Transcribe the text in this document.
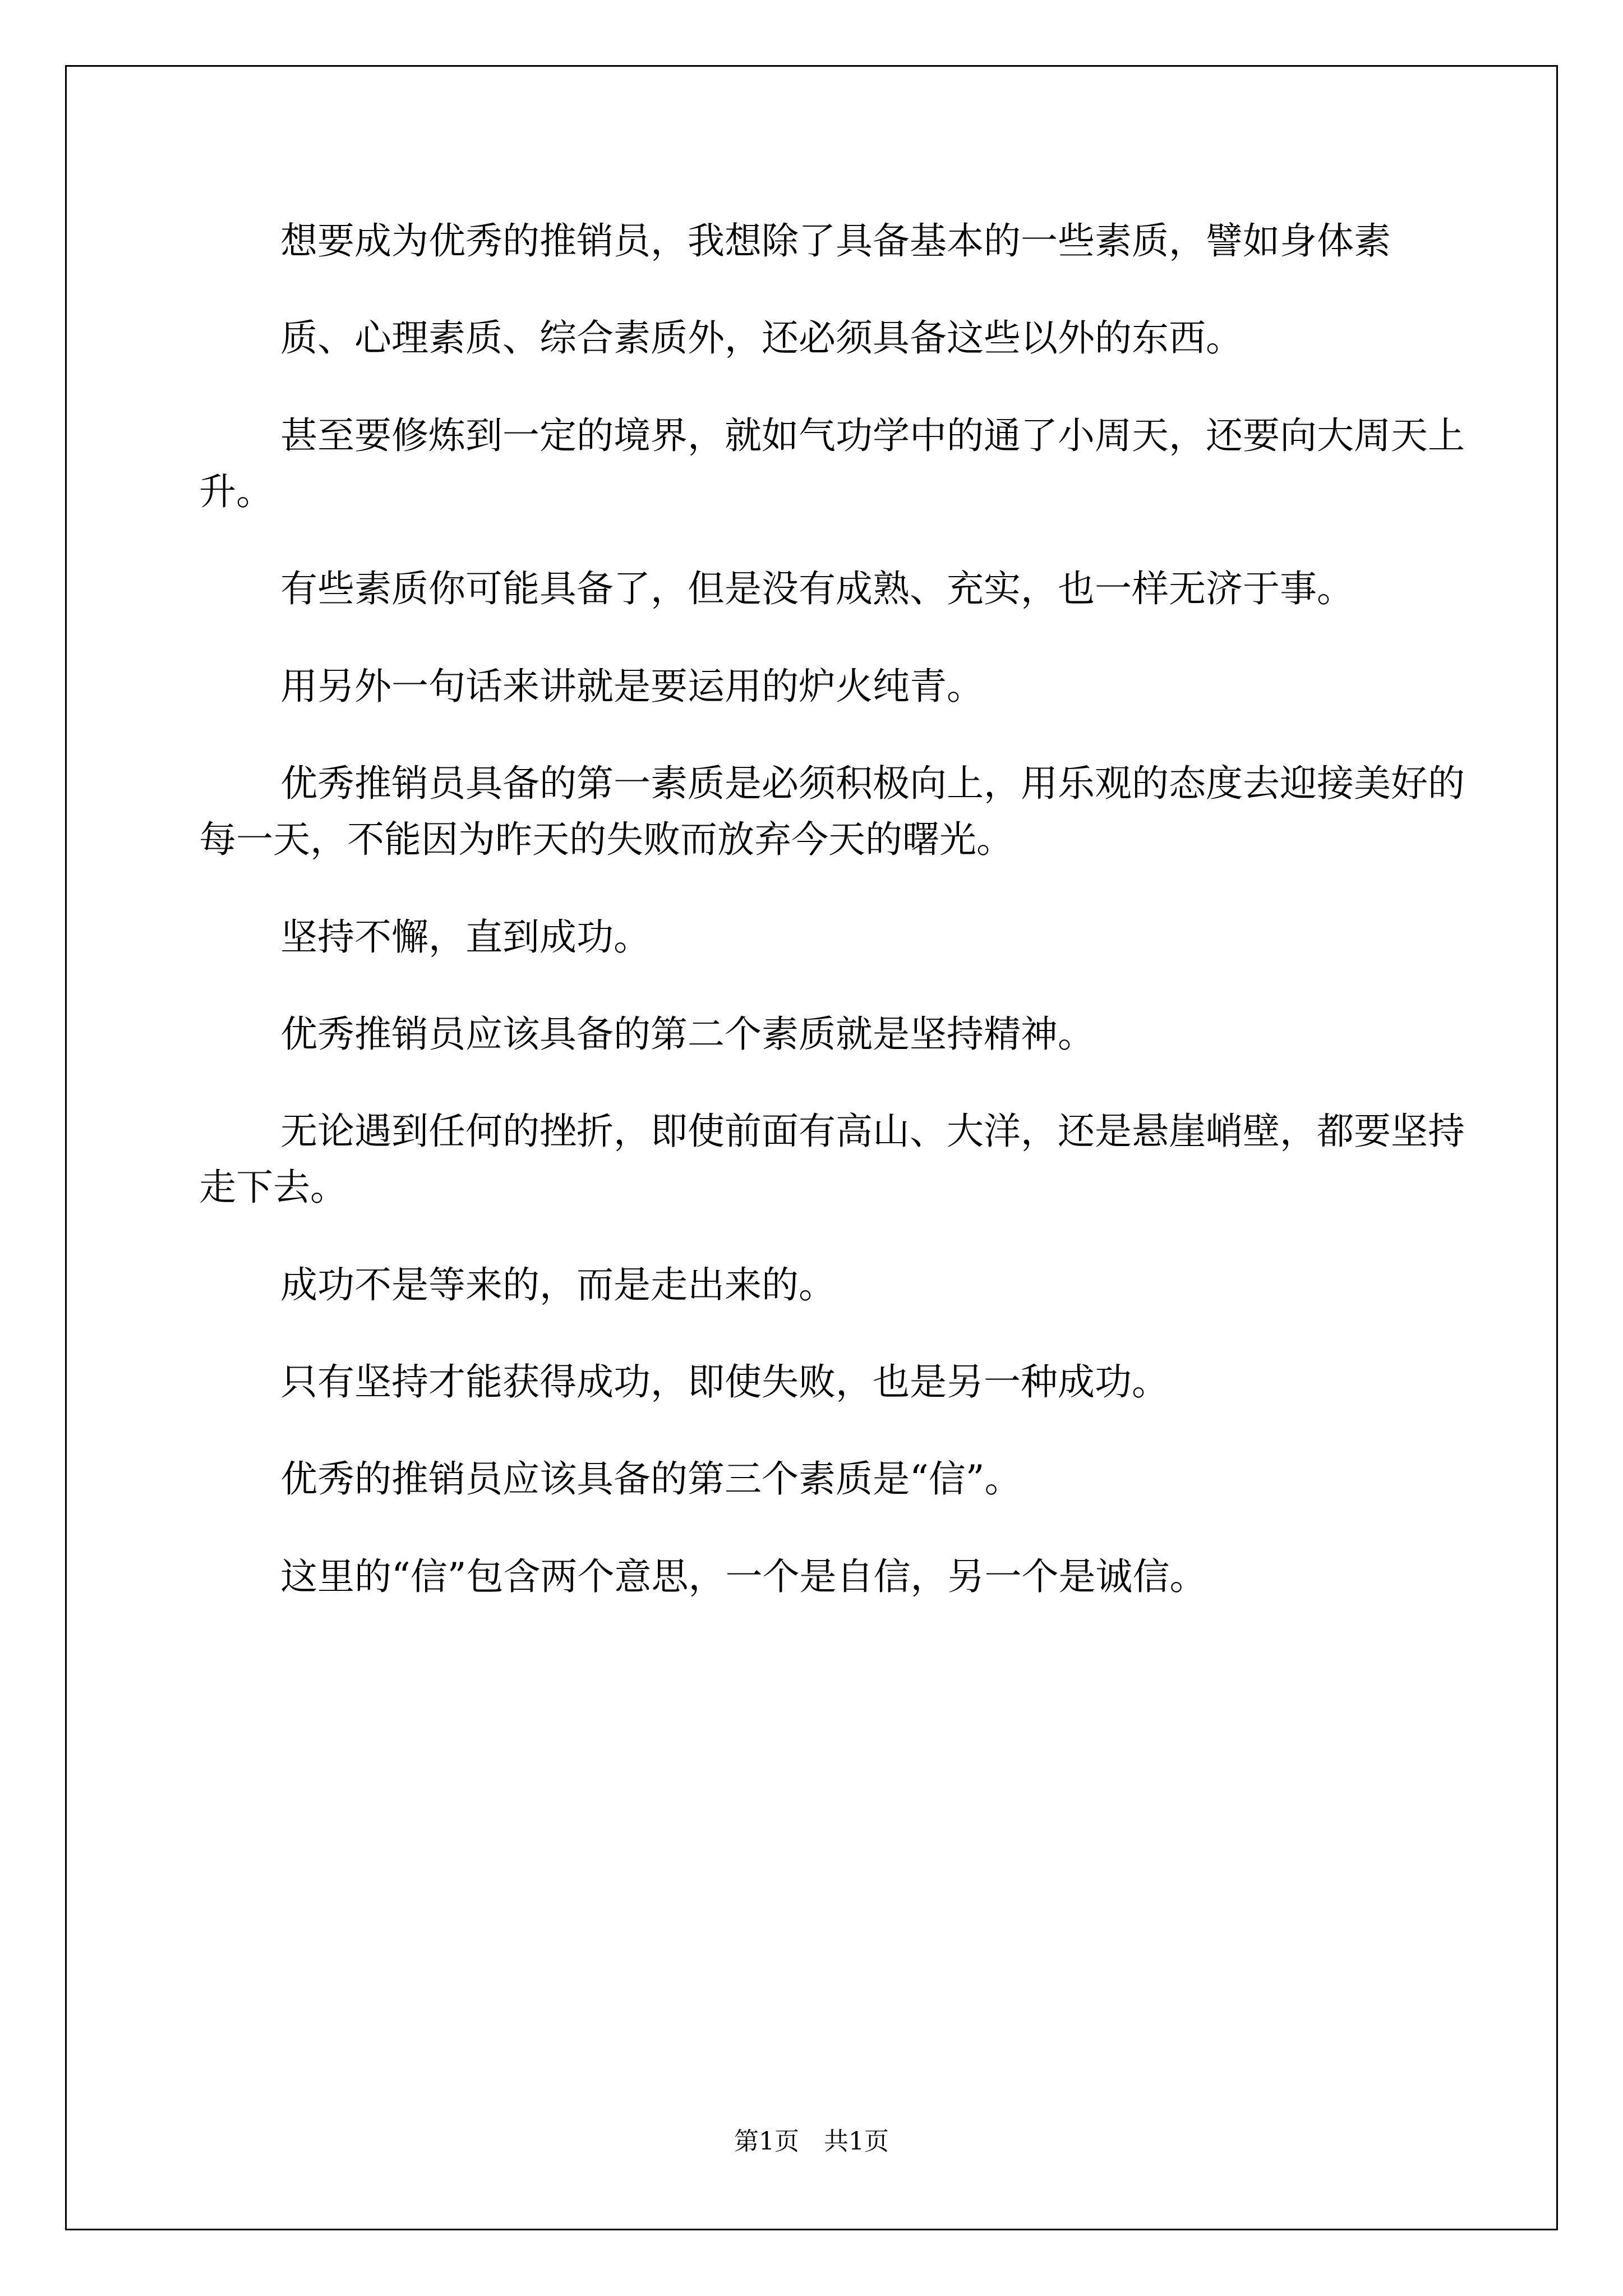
想要成为优秀的推销员，我想除了具备基本的一些素质，譬如身体素

质、心理素质、综合素质外，还必须具备这些以外的东西。

甚至要修炼到一定的境界，就如气功学中的通了小周天，还要向大周天上升。

有些素质你可能具备了，但是没有成熟、充实，也一样无济于事。

用另外一句话来讲就是要运用的炉火纯青。

优秀推销员具备的第一素质是必须积极向上，用乐观的态度去迎接美好的每一天，不能因为昨天的失败而放弃今天的曙光。

坚持不懈，直到成功。

优秀推销员应该具备的第二个素质就是坚持精神。

无论遇到任何的挫折，即使前面有高山、大洋，还是悬崖峭壁，都要坚持走下去。

成功不是等来的，而是走出来的。

只有坚持才能获得成功，即使失败，也是另一种成功。

优秀的推销员应该具备的第三个素质是“信”。

这里的“信”包含两个意思，一个是自信，另一个是诚信。

第1页　共1页
